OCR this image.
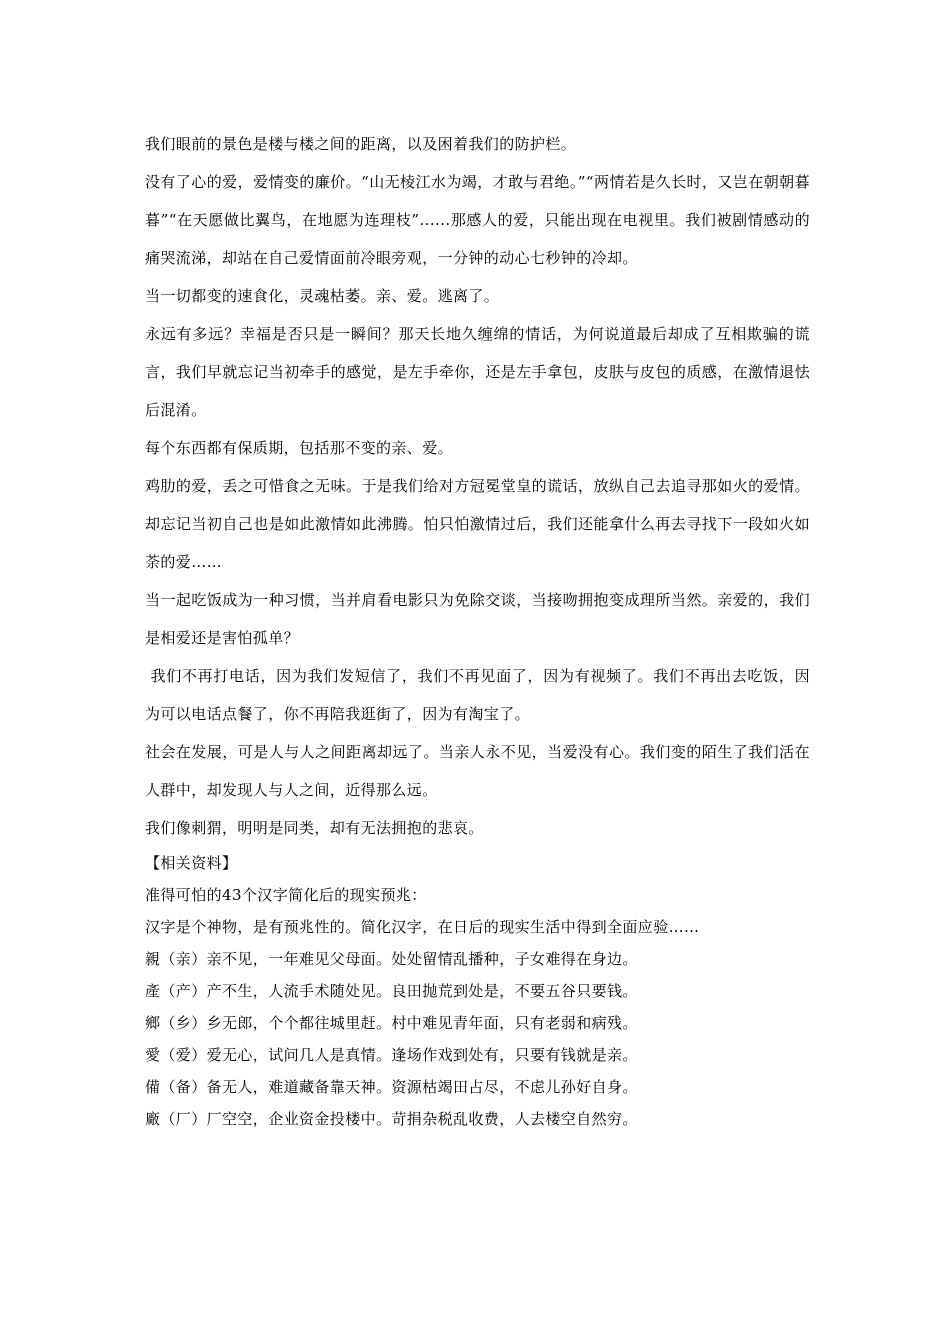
我们眼前的景色是楼与楼之间的距离，以及困着我们的防护栏。

没有了心的爱，爱情变的廉价。“山无棱江水为竭，才敢与君绝。”“两情若是久长时，又岂在朝朝暮暮”“在天愿做比翼鸟，在地愿为连理枝”......那感人的爱，只能出现在电视里。我们被剧情感动的痛哭流涕，却站在自己爱情面前冷眼旁观，一分钟的动心七秒钟的冷却。

当一切都变的速食化，灵魂枯萎。亲、爱。逃离了。

永远有多远？幸福是否只是一瞬间？那天长地久缠绵的情话，为何说道最后却成了互相欺骗的谎言，我们早就忘记当初牵手的感觉，是左手牵你，还是左手拿包，皮肤与皮包的质感，在激情退怯后混淆。

每个东西都有保质期，包括那不变的亲、爱。

鸡肋的爱，丢之可惜食之无味。于是我们给对方冠冕堂皇的谎话，放纵自己去追寻那如火的爱情。却忘记当初自己也是如此激情如此沸腾。怕只怕激情过后，我们还能拿什么再去寻找下一段如火如荼的爱……

当一起吃饭成为一种习惯，当并肩看电影只为免除交谈，当接吻拥抱变成理所当然。亲爱的，我们是相爱还是害怕孤单？

我们不再打电话，因为我们发短信了，我们不再见面了，因为有视频了。我们不再出去吃饭，因为可以电话点餐了，你不再陪我逛街了，因为有淘宝了。

社会在发展，可是人与人之间距离却远了。当亲人永不见，当爱没有心。我们变的陌生了我们活在人群中，却发现人与人之间，近得那么远。

我们像刺猬，明明是同类，却有无法拥抱的悲哀。

【相关资料】

准得可怕的43个汉字简化后的现实预兆：

汉字是个神物，是有预兆性的。简化汉字，在日后的现实生活中得到全面应验……

親（亲）亲不见，一年难见父母面。处处留情乱播种，子女难得在身边。

產（产）产不生，人流手术随处见。良田抛荒到处是，不要五谷只要钱。

鄉（乡）乡无郎，个个都往城里赶。村中难见青年面，只有老弱和病残。

愛（爱）爱无心，试问几人是真情。逢场作戏到处有，只要有钱就是亲。

備（备）备无人，难道藏备靠天神。资源枯竭田占尽，不虑儿孙好自身。

廠（厂）厂空空，企业资金投楼中。苛捐杂税乱收费，人去楼空自然穷。
